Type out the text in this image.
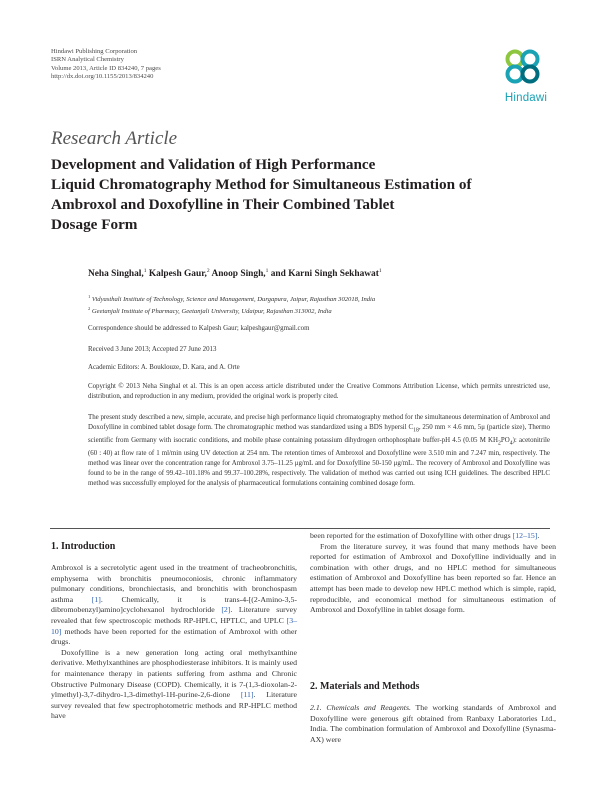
Hindawi Publishing Corporation
ISRN Analytical Chemistry
Volume 2013, Article ID 834240, 7 pages
http://dx.doi.org/10.1155/2013/834240
Hindawi
Research Article
Development and Validation of High Performance
Liquid Chromatography Method for Simultaneous Estimation of
Ambroxol and Doxofylline in Their Combined Tablet
Dosage Form
Neha Singhal,$^1$ Kalpesh Gaur,$^2$ Anoop Singh,$^1$ and Karni Singh Sekhawat$^1$
$^1$ Vidyasthali Institute of Technology, Science and Management, Durgapura, Jaipur, Rajasthan 302018, India
$^2$ Geetanjali Institute of Pharmacy, Geetanjali University, Udaipur, Rajasthan 313002, India
Correspondence should be addressed to Kalpesh Gaur; kalpeshgaur@gmail.com
Received 3 June 2013; Accepted 27 June 2013
Academic Editors: A. Bouklouze, D. Kara, and A. Orte
Copyright © 2013 Neha Singhal et al. This is an open access article distributed under the Creative Commons Attribution License, which permits unrestricted use, distribution, and reproduction in any medium, provided the original work is properly cited.
The present study described a new, simple, accurate, and precise high performance liquid chromatography method for the simultaneous determination of Ambroxol and Doxofylline in combined tablet dosage form. The chromatographic method was standardized using a BDS hypersil $C_{18}$, 250 mm × 4.6 mm, 5μ (particle size), Thermo scientific from Germany with isocratic conditions, and mobile phase containing potassium dihydrogen orthophosphate buffer-pH 4.5 (0.05 M $KH_2PO_4$): acetonitrile (60 : 40) at flow rate of 1 ml/min using UV detection at 254 nm. The retention times of Ambroxol and Doxofylline were 3.510 min and 7.247 min, respectively. The method was linear over the concentration range for Ambroxol 3.75–11.25 μg/mL and for Doxofylline 50-150 μg/mL. The recovery of Ambroxol and Doxofylline was found to be in the range of 99.42–101.18% and 99.37–100.28%, respectively. The validation of method was carried out using ICH guidelines. The described HPLC method was successfully employed for the analysis of pharmaceutical formulations containing combined dosage form.
1. Introduction

Ambroxol is a secretolytic agent used in the treatment of tracheobronchitis, emphysema with bronchitis pneumoconiosis, chronic inflammatory pulmonary conditions, bronchiectasis, and bronchitis with bronchospasm asthma [1]. Chemically, it is trans-4-[(2-Amino-3,5-dibromobenzyl)amino]cyclohexanol hydrochloride [2]. Literature survey revealed that few spectroscopic methods RP-HPLC, HPTLC, and UPLC [3–10] methods have been reported for the estimation of Ambroxol with other drugs.

Doxofylline is a new generation long acting oral methylxanthine derivative. Methylxanthines are phosphodiesterase inhibitors. It is mainly used for maintenance therapy in patients suffering from asthma and Chronic Obstructive Pulmonary Disease (COPD). Chemically, it is 7-(1,3-dioxolan-2-ylmethyl)-3,7-dihydro-1,3-dimethyl-1H-purine-2,6-dione [11]. Literature survey revealed that few spectrophotometric methods and RP-HPLC method have

been reported for the estimation of Doxofylline with other drugs [12–15].

From the literature survey, it was found that many methods have been reported for estimation of Ambroxol and Doxofylline individually and in combination with other drugs, and no HPLC method for simultaneous estimation of Ambroxol and Doxofylline has been reported so far. Hence an attempt has been made to develop new HPLC method which is simple, rapid, reproducible, and economical method for simultaneous estimation of Ambroxol and Doxofylline in tablet dosage form.

2. Materials and Methods

2.1. Chemicals and Reagents. The working standards of Ambroxol and Doxofylline were generous gift obtained from Ranbaxy Laboratories Ltd., India. The combination formulation of Ambroxol and Doxofylline (Synasma-AX) were
